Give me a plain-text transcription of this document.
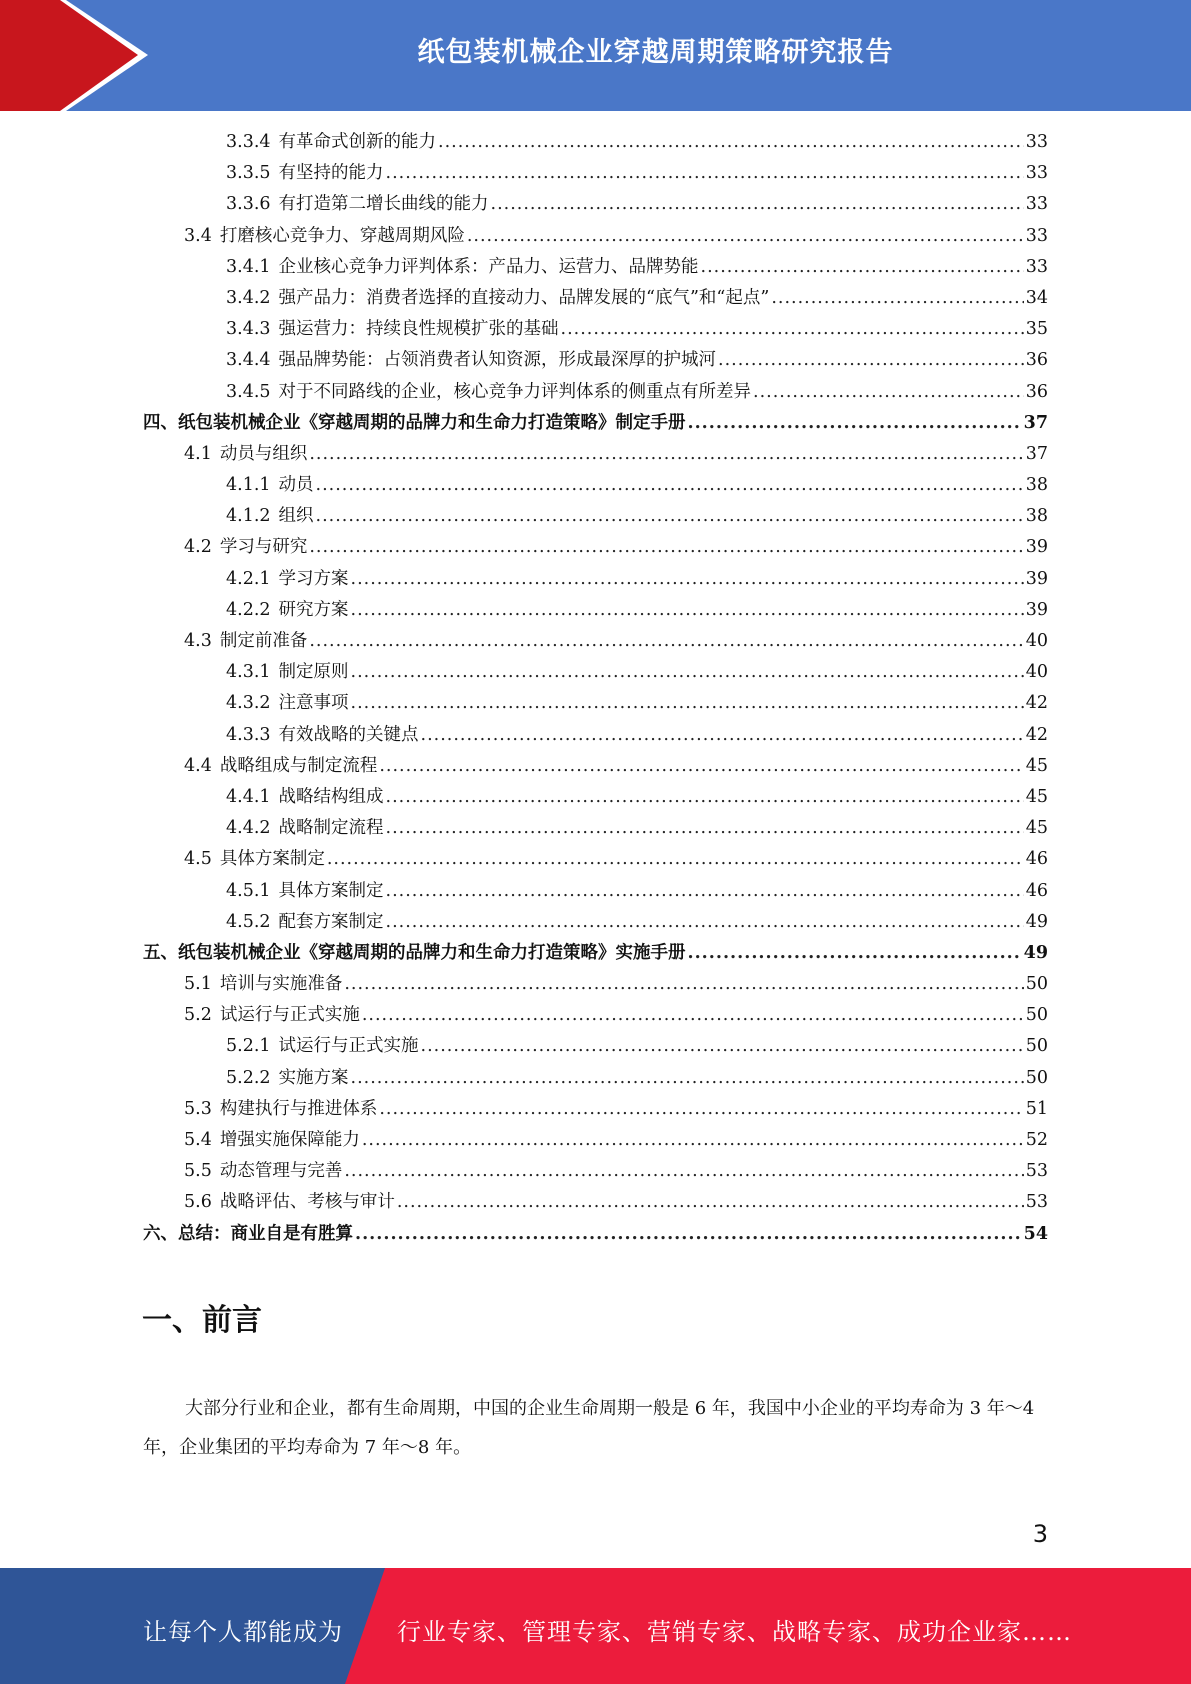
纸包装机械企业穿越周期策略研究报告
3.3.4 有革命式创新的能力 .....	33
3.3.5 有坚持的能力 .....	33
3.3.6 有打造第二增长曲线的能力 .....	33
3.4 打磨核心竞争力、穿越周期风险 .....	33
3.4.1 企业核心竞争力评判体系：产品力、运营力、品牌势能 .....	33
3.4.2 强产品力：消费者选择的直接动力、品牌发展的“底气”和“起点” .....	34
3.4.3 强运营力：持续良性规模扩张的基础 .....	35
3.4.4 强品牌势能：占领消费者认知资源，形成最深厚的护城河 .....	36
3.4.5 对于不同路线的企业，核心竞争力评判体系的侧重点有所差异 .....	36
四、纸包装机械企业《穿越周期的品牌力和生命力打造策略》制定手册 .....	37
4.1 动员与组织 .....	37
4.1.1 动员 .....	38
4.1.2 组织 .....	38
4.2 学习与研究 .....	39
4.2.1 学习方案 .....	39
4.2.2 研究方案 .....	39
4.3 制定前准备 .....	40
4.3.1 制定原则 .....	40
4.3.2 注意事项 .....	42
4.3.3 有效战略的关键点 .....	42
4.4 战略组成与制定流程 .....	45
4.4.1 战略结构组成 .....	45
4.4.2 战略制定流程 .....	45
4.5 具体方案制定 .....	46
4.5.1 具体方案制定 .....	46
4.5.2 配套方案制定 .....	49
五、纸包装机械企业《穿越周期的品牌力和生命力打造策略》实施手册 .....	49
5.1 培训与实施准备 .....	50
5.2 试运行与正式实施 .....	50
5.2.1 试运行与正式实施 .....	50
5.2.2 实施方案 .....	50
5.3 构建执行与推进体系 .....	51
5.4 增强实施保障能力 .....	52
5.5 动态管理与完善 .....	53
5.6 战略评估、考核与审计 .....	53
六、总结：商业自是有胜算 .....	54
一、前言
大部分行业和企业，都有生命周期，中国的企业生命周期一般是 6 年，我国中小企业的平均寿命为 3 年～4 年，企业集团的平均寿命为 7 年～8 年。
3
让每个人都能成为 行业专家、管理专家、营销专家、战略专家、成功企业家……
